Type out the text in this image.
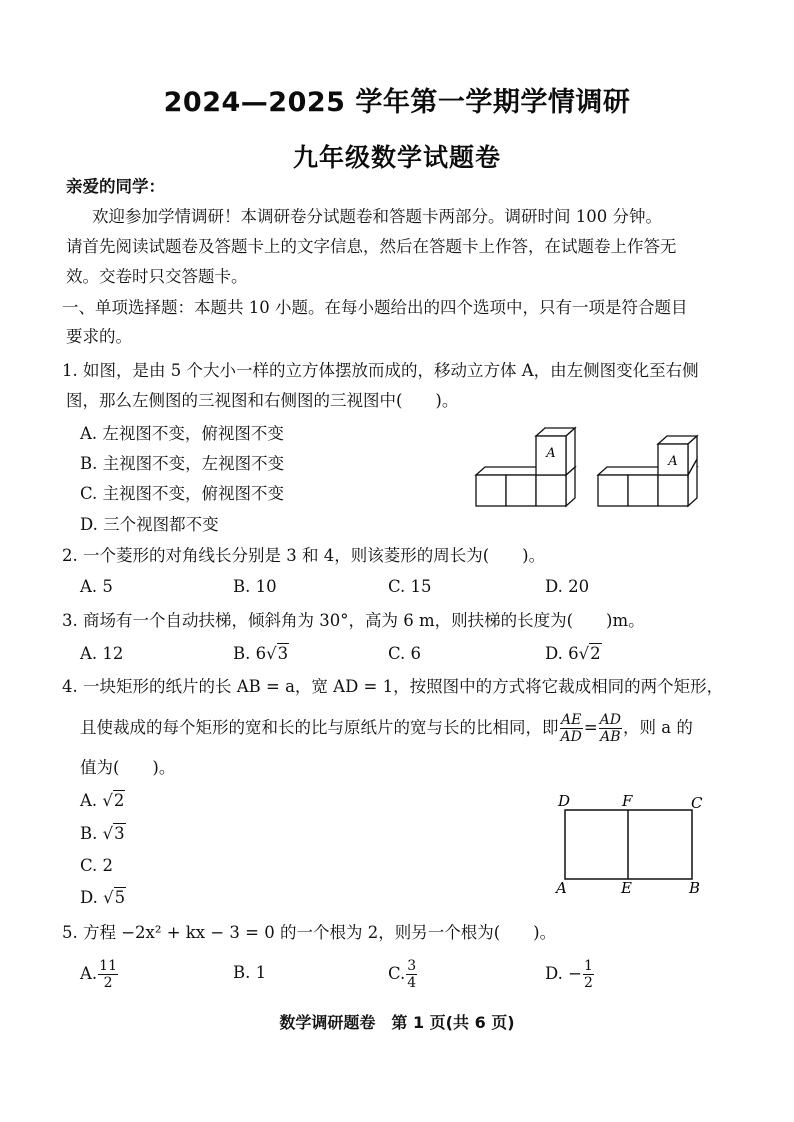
2024—2025 学年第一学期学情调研
九年级数学试题卷
亲爱的同学：
欢迎参加学情调研！本调研卷分试题卷和答题卡两部分。调研时间 100 分钟。
请首先阅读试题卷及答题卡上的文字信息，然后在答题卡上作答，在试题卷上作答无
效。交卷时只交答题卡。
一、单项选择题：本题共 10 小题。在每小题给出的四个选项中，只有一项是符合题目
要求的。
1. 如图，是由 5 个大小一样的立方体摆放而成的，移动立方体 A，由左侧图变化至右侧
图，那么左侧图的三视图和右侧图的三视图中(　　)。
A. 左视图不变，俯视图不变
B. 主视图不变，左视图不变
C. 主视图不变，俯视图不变
D. 三个视图都不变
A
A
2. 一个菱形的对角线长分别是 3 和 4，则该菱形的周长为(　　)。
A. 5	B. 10	C. 15	D. 20
3. 商场有一个自动扶梯，倾斜角为 30°，高为 6 m，则扶梯的长度为(　　)m。
A. 12	B. 6√3	C. 6	D. 6√2
4. 一块矩形的纸片的长 AB = a，宽 AD = 1，按照图中的方式将它裁成相同的两个矩形，
且使裁成的每个矩形的宽和长的比与原纸片的宽与长的比相同，即 $\frac{AE}{AD} = \frac{AD}{AB}$ ，则 a 的
值为(　　)。
A. √2
B. √3
C. 2
D. √5
D	F	C
A	E	B
5. 方程 −2x² + kx − 3 = 0 的一个根为 2，则另一个根为(　　)。
A. $\frac{11}{2}$	B. 1	C. $\frac{3}{4}$	D. − $\frac{1}{2}$
数学调研题卷　第 1 页(共 6 页)
